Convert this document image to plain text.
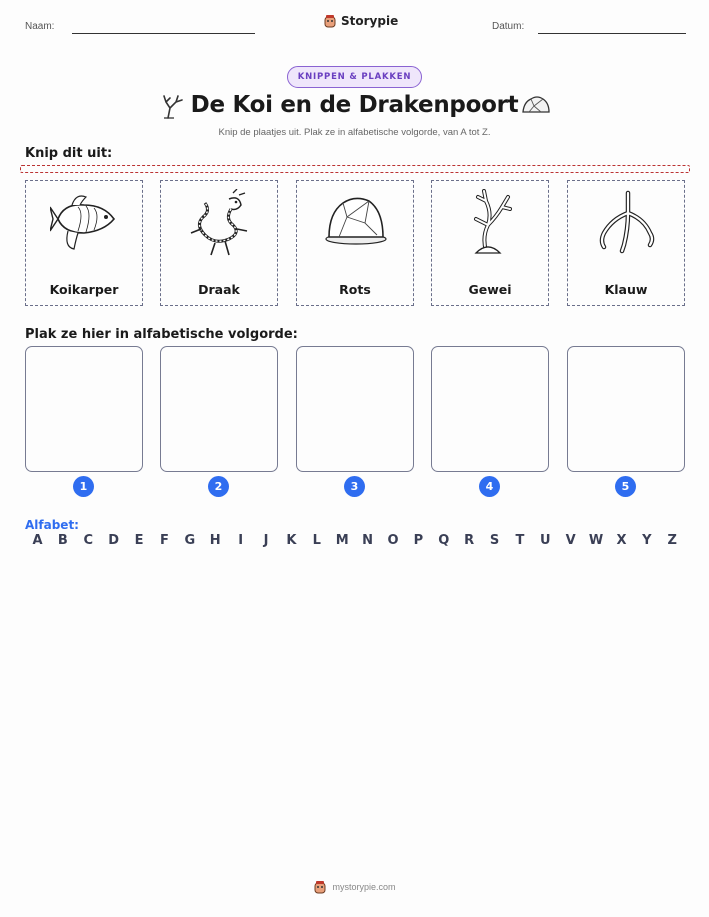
Naam:	Storypie	Datum:
KNIPPEN & PLAKKEN
De Koi en de Drakenpoort
Knip de plaatjes uit. Plak ze in alfabetische volgorde, van A tot Z.
Knip dit uit:
Koikarper	Draak	Rots	Gewei	Klauw
Plak ze hier in alfabetische volgorde:
1	2	3	4	5
Alfabet:
A	B	C	D	E	F	G	H	I	J	K	L	M	N	O	P	Q	R	S	T	U	V	W	X	Y	Z
mystorypie.com
